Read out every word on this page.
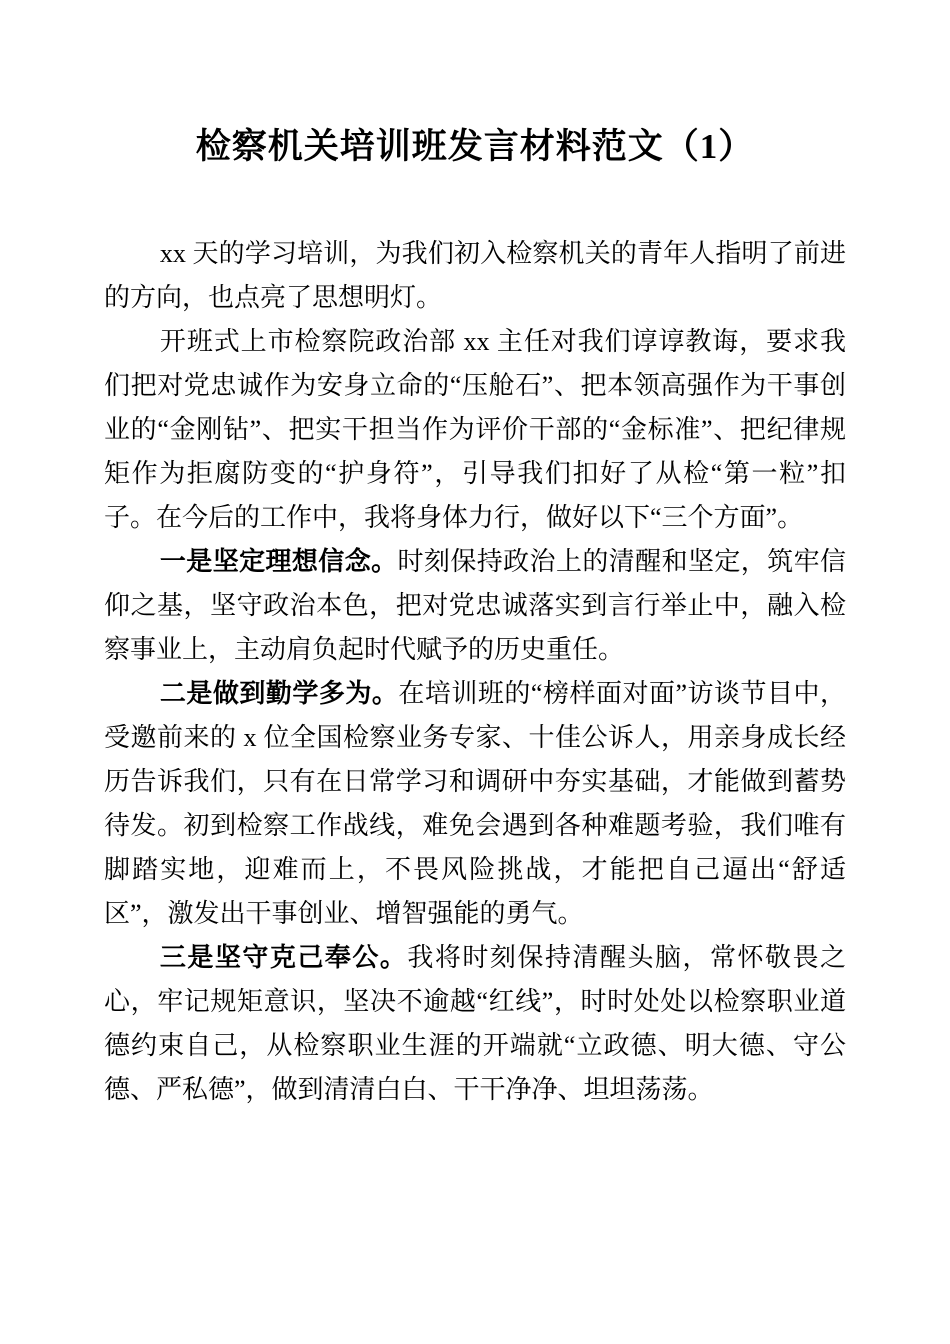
检察机关培训班发言材料范文（1）

xx 天的学习培训，为我们初入检察机关的青年人指明了前进的方向，也点亮了思想明灯。

开班式上市检察院政治部 xx 主任对我们谆谆教诲，要求我们把对党忠诚作为安身立命的“压舱石”、把本领高强作为干事创业的“金刚钻”、把实干担当作为评价干部的“金标准”、把纪律规矩作为拒腐防变的“护身符”，引导我们扣好了从检“第一粒”扣子。在今后的工作中，我将身体力行，做好以下“三个方面”。

一是坚定理想信念。时刻保持政治上的清醒和坚定，筑牢信仰之基，坚守政治本色，把对党忠诚落实到言行举止中，融入检察事业上，主动肩负起时代赋予的历史重任。

二是做到勤学多为。在培训班的“榜样面对面”访谈节目中，受邀前来的 x 位全国检察业务专家、十佳公诉人，用亲身成长经历告诉我们，只有在日常学习和调研中夯实基础，才能做到蓄势待发。初到检察工作战线，难免会遇到各种难题考验，我们唯有脚踏实地，迎难而上，不畏风险挑战，才能把自己逼出“舒适区”，激发出干事创业、增智强能的勇气。

三是坚守克己奉公。我将时刻保持清醒头脑，常怀敬畏之心，牢记规矩意识，坚决不逾越“红线”，时时处处以检察职业道德约束自己，从检察职业生涯的开端就“立政德、明大德、守公德、严私德”，做到清清白白、干干净净、坦坦荡荡。
